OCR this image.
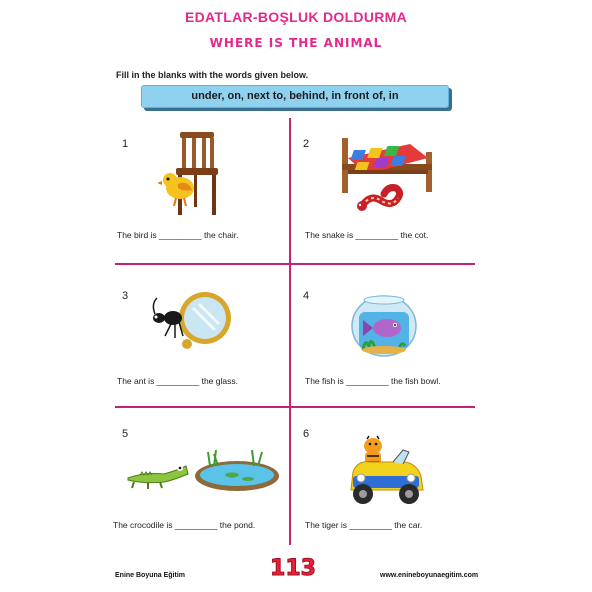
EDATLAR-BOŞLUK DOLDURMA
WHERE IS THE ANIMAL
Fill in the blanks with the words given below.
under, on, next to, behind, in front of, in
1
The bird is _________ the chair.
2
The snake is _________ the cot.
3
The ant is _________ the glass.
4
The fish is _________ the fish bowl.
5
The crocodile is _________ the pond.
6
The tiger is _________ the car.
Enine Boyuna Eğitim	113	www.enineboyunaegitim.com
